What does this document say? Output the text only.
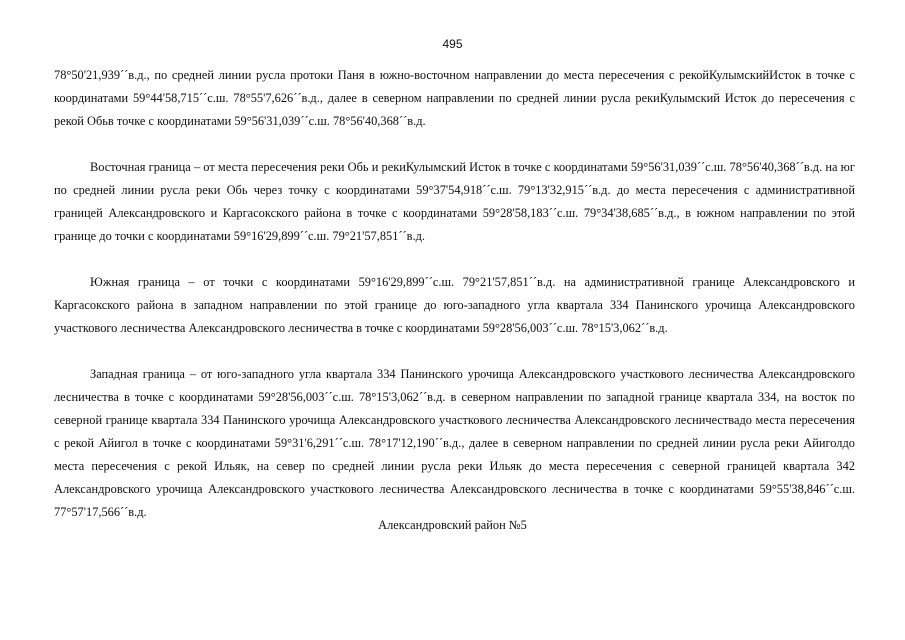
495

78°50'21,939´´в.д., по средней линии русла протоки Паня в южно-восточном направлении до места пересечения с рекойКулымскийИсток в точке с координатами 59°44'58,715´´с.ш. 78°55'7,626´´в.д., далее в северном направлении по средней линии русла рекиКулымский Исток до пересечения с рекой Обьв точке с координатами 59°56'31,039´´с.ш. 78°56'40,368´´в.д.

Восточная граница – от места пересечения реки Обь и рекиКулымский Исток в точке с координатами 59°56'31,039´´с.ш. 78°56'40,368´´в.д. на юг по средней линии русла реки Обь через точку с координатами 59°37'54,918´´с.ш. 79°13'32,915´´в.д. до места пересечения с административной границей Александровского и Каргасокского района в точке с координатами 59°28'58,183´´с.ш. 79°34'38,685´´в.д., в южном направлении по этой границе до точки с координатами 59°16'29,899´´с.ш. 79°21'57,851´´в.д.

Южная граница – от точки с координатами 59°16'29,899´´с.ш. 79°21'57,851´´в.д. на административной границе Александровского и Каргасокского района в западном направлении по этой границе до юго-западного угла квартала 334 Панинского урочища Александровского участкового лесничества Александровского лесничества в точке с координатами 59°28'56,003´´с.ш. 78°15'3,062´´в.д.

Западная граница – от юго-западного угла квартала 334 Панинского урочища Александровского участкового лесничества Александровского лесничества в точке с координатами 59°28'56,003´´с.ш. 78°15'3,062´´в.д. в северном направлении по западной границе квартала 334, на восток по северной границе квартала 334 Панинского урочища Александровского участкового лесничества Александровского лесничествадо места пересечения с рекой Айигол в точке с координатами 59°31'6,291´´с.ш. 78°17'12,190´´в.д., далее в северном направлении по средней линии русла реки Айиголдо места пересечения с рекой Ильяк, на север по средней линии русла реки Ильяк до места пересечения с северной границей квартала 342 Александровского урочища Александровского участкового лесничества Александровского лесничества в точке с координатами 59°55'38,846´´с.ш. 77°57'17,566´´в.д.

Александровский район №5
